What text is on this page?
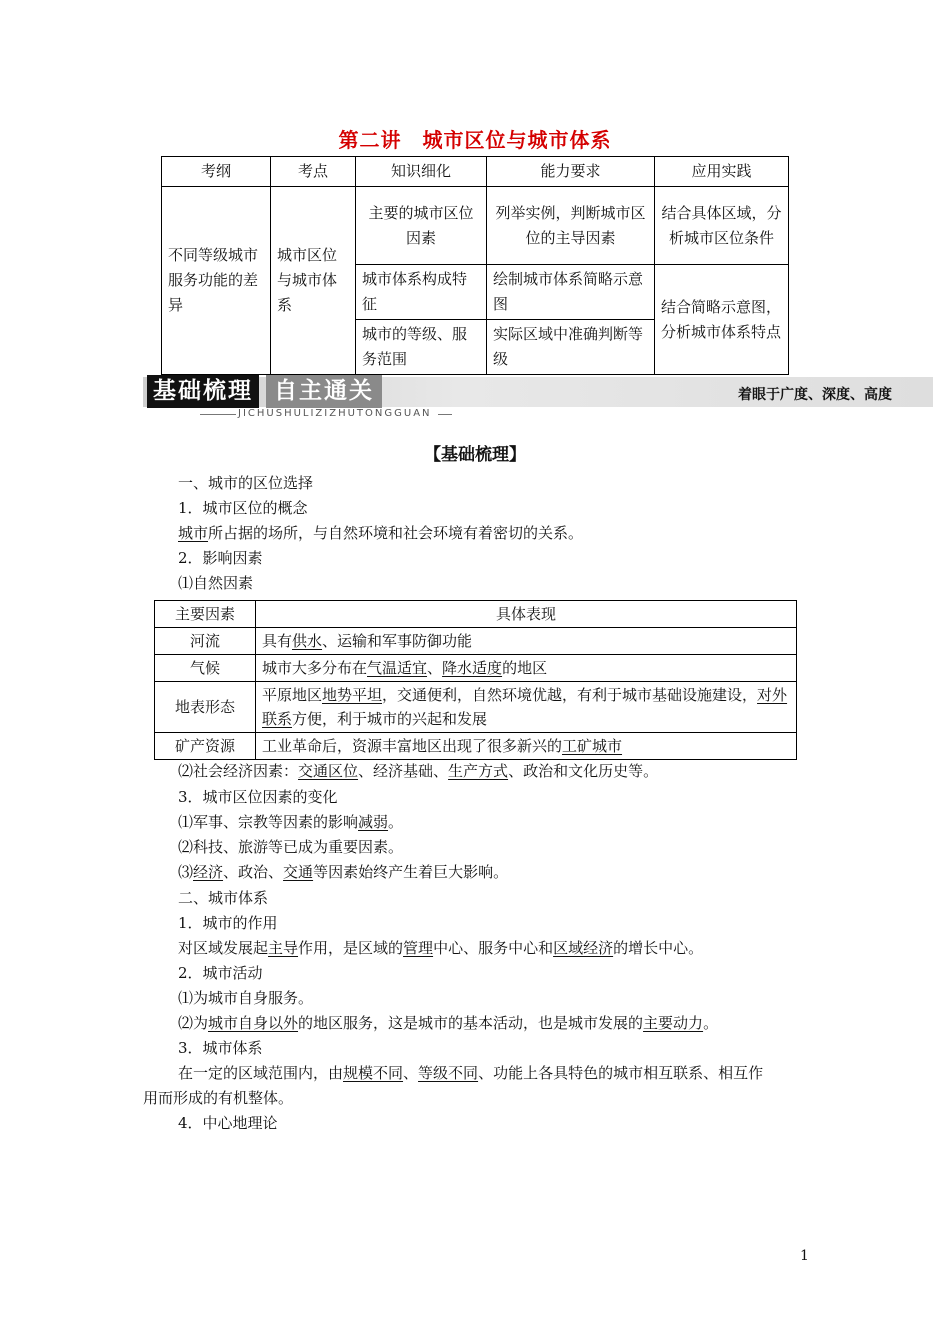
第二讲　城市区位与城市体系
考纲	考点	知识细化	能力要求	应用实践
不同等级城市服务功能的差异	城市区位与城市体系	主要的城市区位因素	列举实例，判断城市区位的主导因素	结合具体区域，分析城市区位条件
		城市体系构成特征	绘制城市体系简略示意图	结合简略示意图，分析城市体系特点
		城市的等级、服务范围	实际区域中准确判断等级	
基础梳理 自主通关	着眼于广度、深度、高度
JICHUSHULIZIZHUTONGGUAN
【基础梳理】
一、城市的区位选择
1．城市区位的概念
城市所占据的场所，与自然环境和社会环境有着密切的关系。
2．影响因素
⑴自然因素
主要因素	具体表现
河流	具有供水、运输和军事防御功能
气候	城市大多分布在气温适宜、降水适度的地区
地表形态	平原地区地势平坦，交通便利，自然环境优越，有利于城市基础设施建设，对外联系方便，利于城市的兴起和发展
矿产资源	工业革命后，资源丰富地区出现了很多新兴的工矿城市
⑵社会经济因素：交通区位、经济基础、生产方式、政治和文化历史等。
3．城市区位因素的变化
⑴军事、宗教等因素的影响减弱。
⑵科技、旅游等已成为重要因素。
⑶经济、政治、交通等因素始终产生着巨大影响。
二、城市体系
1．城市的作用
对区域发展起主导作用，是区域的管理中心、服务中心和区域经济的增长中心。
2．城市活动
⑴为城市自身服务。
⑵为城市自身以外的地区服务，这是城市的基本活动，也是城市发展的主要动力。
3．城市体系
在一定的区域范围内，由规模不同、等级不同、功能上各具特色的城市相互联系、相互作
用而形成的有机整体。
4．中心地理论
1
